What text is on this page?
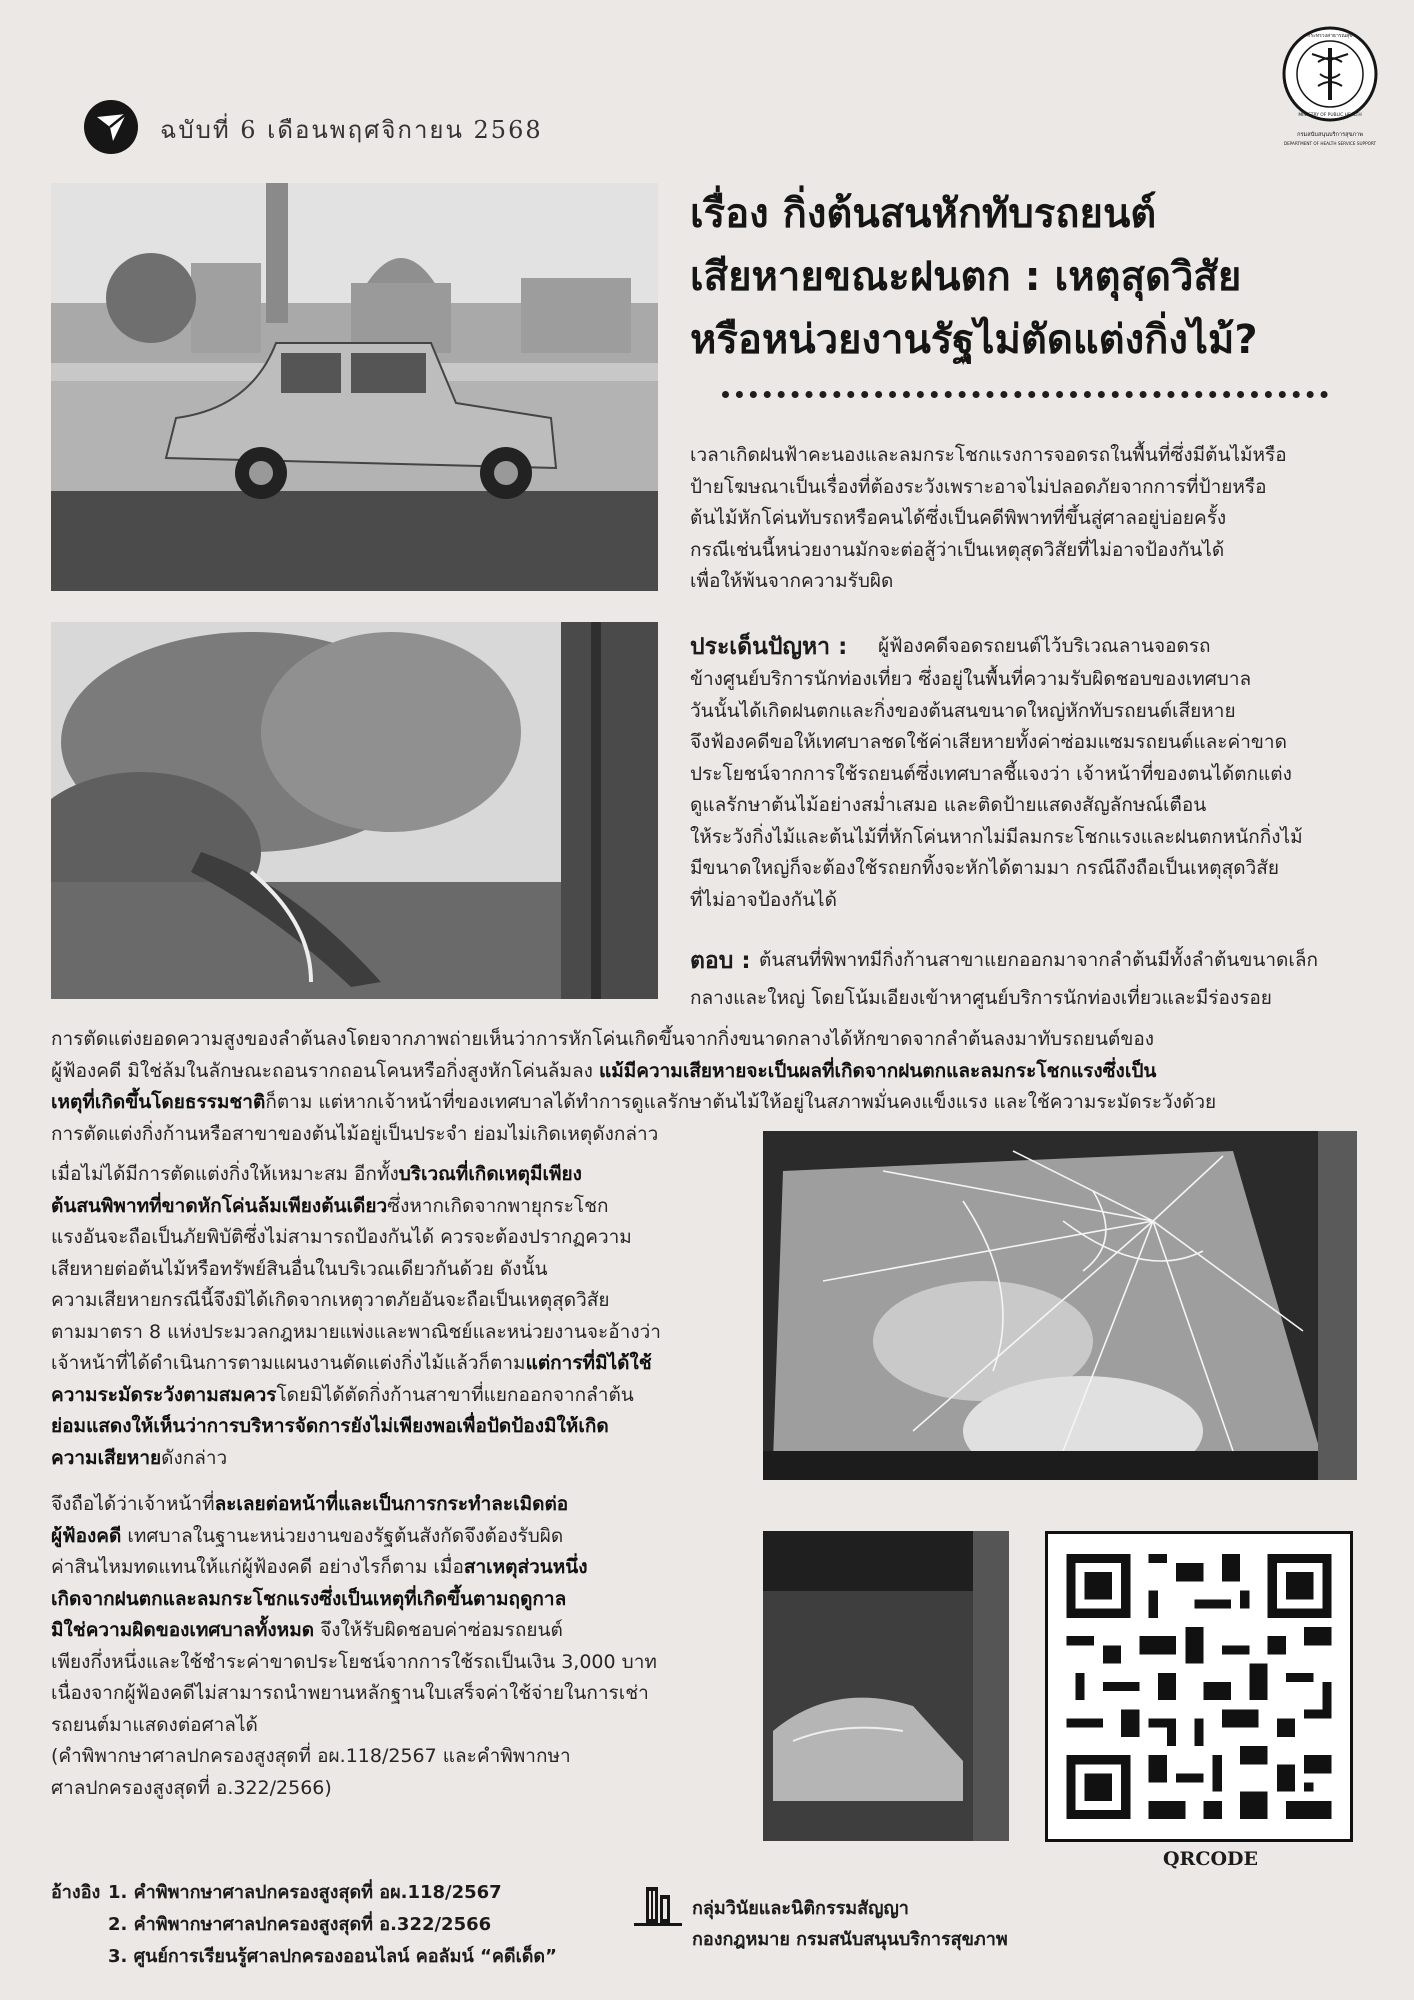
ฉบับที่ 6 เดือนพฤศจิกายน 2568	กรมสนับสนุนบริการสุขภาพ
DEPARTMENT OF HEALTH SERVICE SUPPORT
กระทรวงสาธารณสุข
MINISTRY OF PUBLIC HEALTH
เรื่อง กิ่งต้นสนหักทับรถยนต์
เสียหายขณะฝนตก : เหตุสุดวิสัย
หรือหน่วยงานรัฐไม่ตัดแต่งกิ่งไม้?
เวลาเกิดฝนฟ้าคะนองและลมกระโชกแรงการจอดรถในพื้นที่ซึ่งมีต้นไม้หรือ
ป้ายโฆษณาเป็นเรื่องที่ต้องระวังเพราะอาจไม่ปลอดภัยจากการที่ป้ายหรือ
ต้นไม้หักโค่นทับรถหรือคนได้ซึ่งเป็นคดีพิพาทที่ขึ้นสู่ศาลอยู่บ่อยครั้ง
กรณีเช่นนี้หน่วยงานมักจะต่อสู้ว่าเป็นเหตุสุดวิสัยที่ไม่อาจป้องกันได้
เพื่อให้พ้นจากความรับผิด
ประเด็นปัญหา : ผู้ฟ้องคดีจอดรถยนต์ไว้บริเวณลานจอดรถ
ข้างศูนย์บริการนักท่องเที่ยว ซึ่งอยู่ในพื้นที่ความรับผิดชอบของเทศบาล
วันนั้นได้เกิดฝนตกและกิ่งของต้นสนขนาดใหญ่หักทับรถยนต์เสียหาย
จึงฟ้องคดีขอให้เทศบาลชดใช้ค่าเสียหายทั้งค่าซ่อมแซมรถยนต์และค่าขาด
ประโยชน์จากการใช้รถยนต์ซึ่งเทศบาลชี้แจงว่า เจ้าหน้าที่ของตนได้ตกแต่ง
ดูแลรักษาต้นไม้อย่างสม่ำเสมอ และติดป้ายแสดงสัญลักษณ์เตือน
ให้ระวังกิ่งไม้และต้นไม้ที่หักโค่นหากไม่มีลมกระโชกแรงและฝนตกหนักกิ่งไม้
มีขนาดใหญ่ก็จะต้องใช้รถยกทิ้งจะหักได้ตามมา กรณีถึงถือเป็นเหตุสุดวิสัย
ที่ไม่อาจป้องกันได้
ตอบ : ต้นสนที่พิพาทมีกิ่งก้านสาขาแยกออกมาจากลำต้นมีทั้งลำต้นขนาดเล็ก
กลางและใหญ่ โดยโน้มเอียงเข้าหาศูนย์บริการนักท่องเที่ยวและมีร่องรอย
การตัดแต่งยอดความสูงของลำต้นลงโดยจากภาพถ่ายเห็นว่าการหักโค่นเกิดขึ้นจากกิ่งขนาดกลางได้หักขาดจากลำต้นลงมาทับรถยนต์ของ
ผู้ฟ้องคดี มิใช่ล้มในลักษณะถอนรากถอนโคนหรือกิ่งสูงหักโค่นล้มลง แม้มีความเสียหายจะเป็นผลที่เกิดจากฝนตกและลมกระโชกแรงซึ่งเป็น
เหตุที่เกิดขึ้นโดยธรรมชาติก็ตาม แต่หากเจ้าหน้าที่ของเทศบาลได้ทำการดูแลรักษาต้นไม้ให้อยู่ในสภาพมั่นคงแข็งแรง และใช้ความระมัดระวังด้วย
การตัดแต่งกิ่งก้านหรือสาขาของต้นไม้อยู่เป็นประจำ ย่อมไม่เกิดเหตุดังกล่าว
เมื่อไม่ได้มีการตัดแต่งกิ่งให้เหมาะสม อีกทั้งบริเวณที่เกิดเหตุมีเพียง
ต้นสนพิพาทที่ขาดหักโค่นล้มเพียงต้นเดียวซึ่งหากเกิดจากพายุกระโชก
แรงอันจะถือเป็นภัยพิบัติซึ่งไม่สามารถป้องกันได้ ควรจะต้องปรากฏความ
เสียหายต่อต้นไม้หรือทรัพย์สินอื่นในบริเวณเดียวกันด้วย ดังนั้น
ความเสียหายกรณีนี้จึงมิได้เกิดจากเหตุวาตภัยอันจะถือเป็นเหตุสุดวิสัย
ตามมาตรา 8 แห่งประมวลกฎหมายแพ่งและพาณิชย์และหน่วยงานจะอ้างว่า
เจ้าหน้าที่ได้ดำเนินการตามแผนงานตัดแต่งกิ่งไม้แล้วก็ตามแต่การที่มิได้ใช้
ความระมัดระวังตามสมควรโดยมิได้ตัดกิ่งก้านสาขาที่แยกออกจากลำต้น
ย่อมแสดงให้เห็นว่าการบริหารจัดการยังไม่เพียงพอเพื่อปัดป้องมิให้เกิด
ความเสียหายดังกล่าว
จึงถือได้ว่าเจ้าหน้าที่ละเลยต่อหน้าที่และเป็นการกระทำละเมิดต่อ
ผู้ฟ้องคดี เทศบาลในฐานะหน่วยงานของรัฐต้นสังกัดจึงต้องรับผิด
ค่าสินไหมทดแทนให้แก่ผู้ฟ้องคดี อย่างไรก็ตาม เมื่อสาเหตุส่วนหนึ่ง
เกิดจากฝนตกและลมกระโชกแรงซึ่งเป็นเหตุที่เกิดขึ้นตามฤดูกาล
มิใช่ความผิดของเทศบาลทั้งหมด จึงให้รับผิดชอบค่าซ่อมรถยนต์
เพียงกึ่งหนึ่งและใช้ชำระค่าขาดประโยชน์จากการใช้รถเป็นเงิน 3,000 บาท
เนื่องจากผู้ฟ้องคดีไม่สามารถนำพยานหลักฐานใบเสร็จค่าใช้จ่ายในการเช่า
รถยนต์มาแสดงต่อศาลได้
(คำพิพากษาศาลปกครองสูงสุดที่ อผ.118/2567 และคำพิพากษา
ศาลปกครองสูงสุดที่ อ.322/2566)
QRCODE
อ้างอิง 1. คำพิพากษาศาลปกครองสูงสุดที่ อผ.118/2567
2. คำพิพากษาศาลปกครองสูงสุดที่ อ.322/2566
3. ศูนย์การเรียนรู้ศาลปกครองออนไลน์ คอลัมน์ “คดีเด็ด”
กลุ่มวินัยและนิติกรรมสัญญา
กองกฎหมาย กรมสนับสนุนบริการสุขภาพ
